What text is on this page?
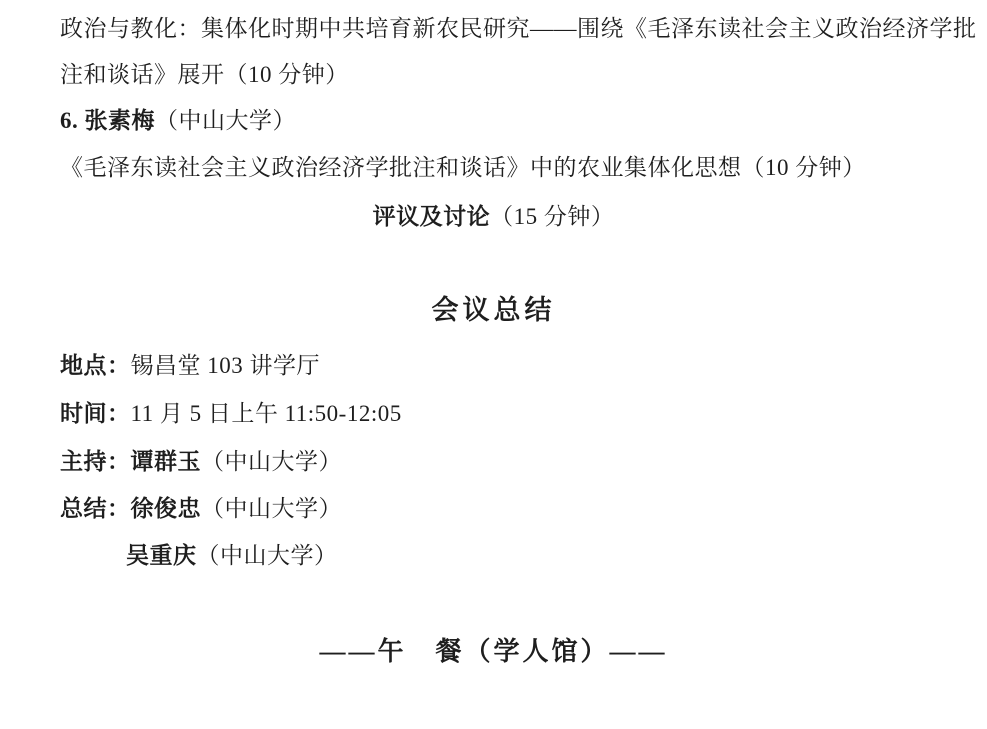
政治与教化：集体化时期中共培育新农民研究——围绕《毛泽东读社会主义政治经济学批
注和谈话》展开（10 分钟）
6. 张素梅（中山大学）
《毛泽东读社会主义政治经济学批注和谈话》中的农业集体化思想（10 分钟）
评议及讨论（15 分钟）
会议总结
地点：锡昌堂 103 讲学厅
时间：11 月 5 日上午 11:50-12:05
主持：谭群玉（中山大学）
总结：徐俊忠（中山大学）
吴重庆（中山大学）
——午　餐（学人馆）——
